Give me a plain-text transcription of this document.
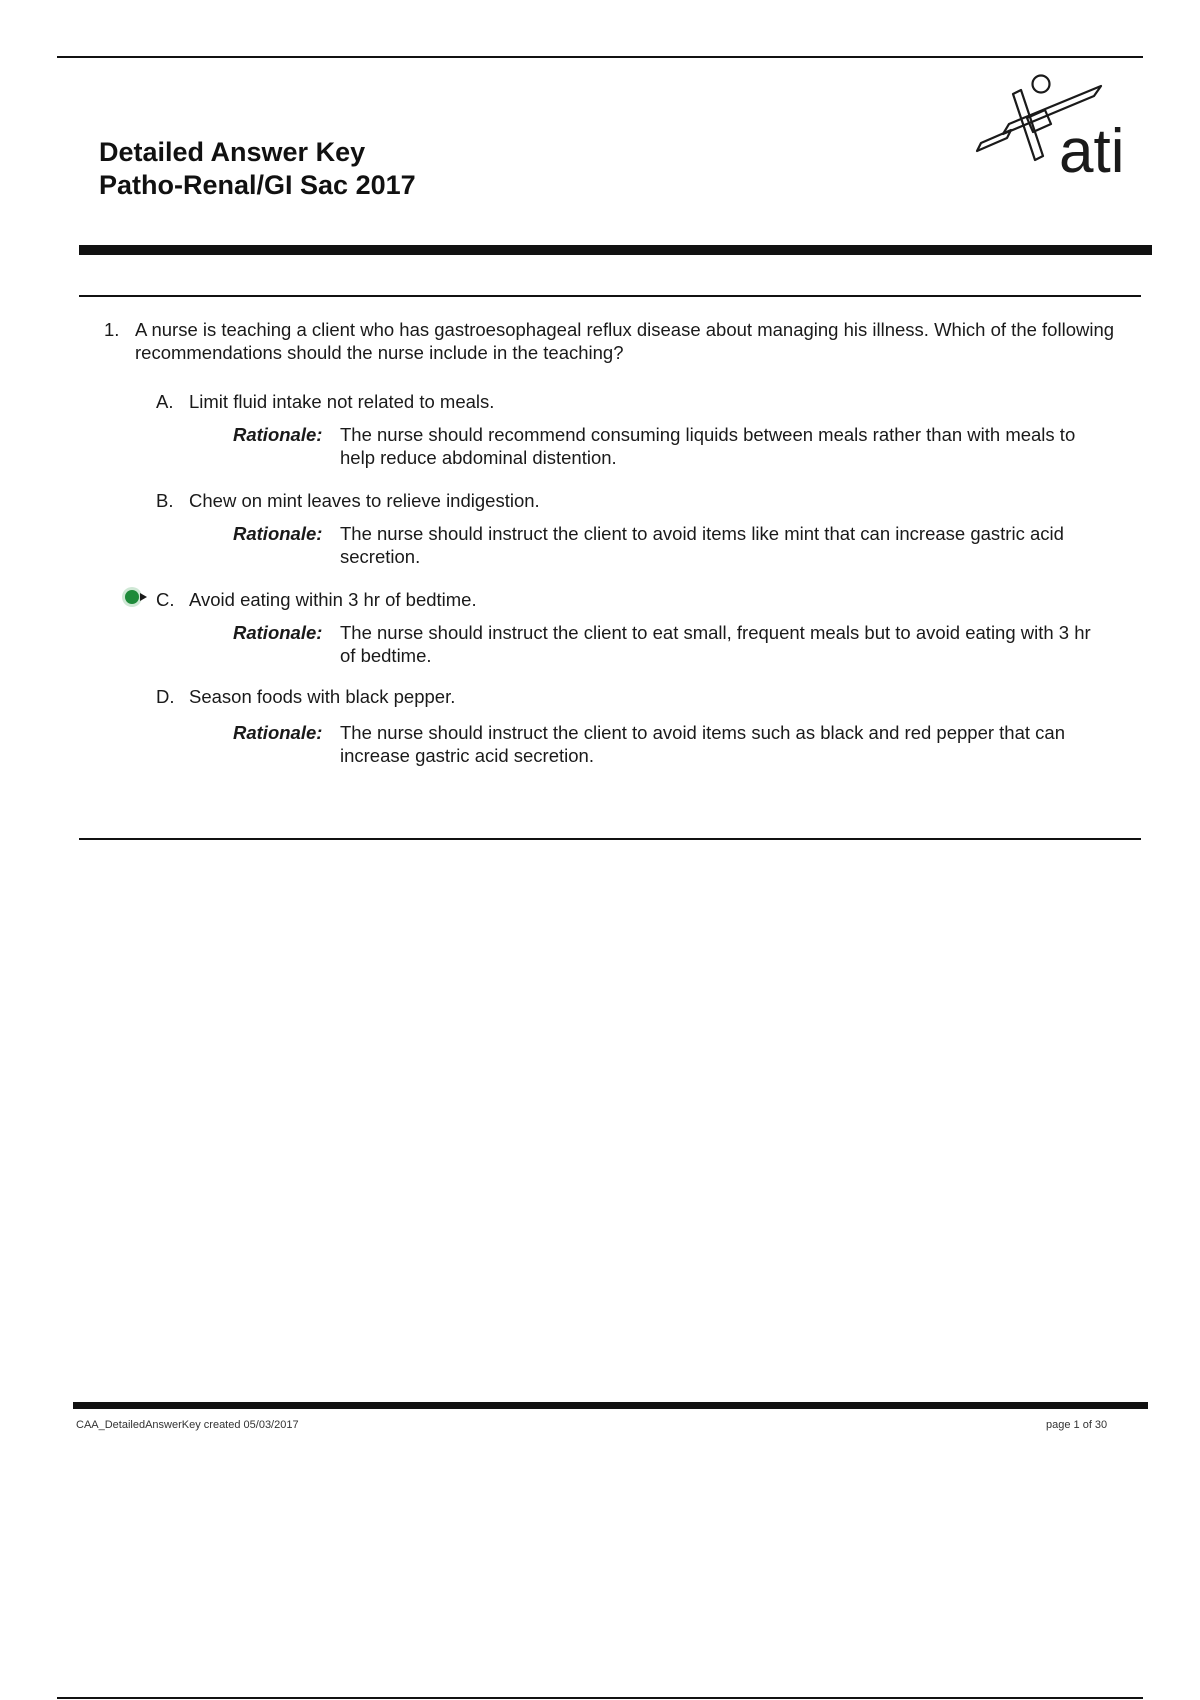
Detailed Answer Key
Patho-Renal/GI Sac 2017	ati
1. A nurse is teaching a client who has gastroesophageal reflux disease about managing his illness. Which of the following recommendations should the nurse include in the teaching?
A. Limit fluid intake not related to meals.
Rationale: The nurse should recommend consuming liquids between meals rather than with meals to help reduce abdominal distention.
B. Chew on mint leaves to relieve indigestion.
Rationale: The nurse should instruct the client to avoid items like mint that can increase gastric acid secretion.
C. Avoid eating within 3 hr of bedtime.
Rationale: The nurse should instruct the client to eat small, frequent meals but to avoid eating with 3 hr of bedtime.
D. Season foods with black pepper.
Rationale: The nurse should instruct the client to avoid items such as black and red pepper that can increase gastric acid secretion.
CAA_DetailedAnswerKey created 05/03/2017	page 1 of 30
